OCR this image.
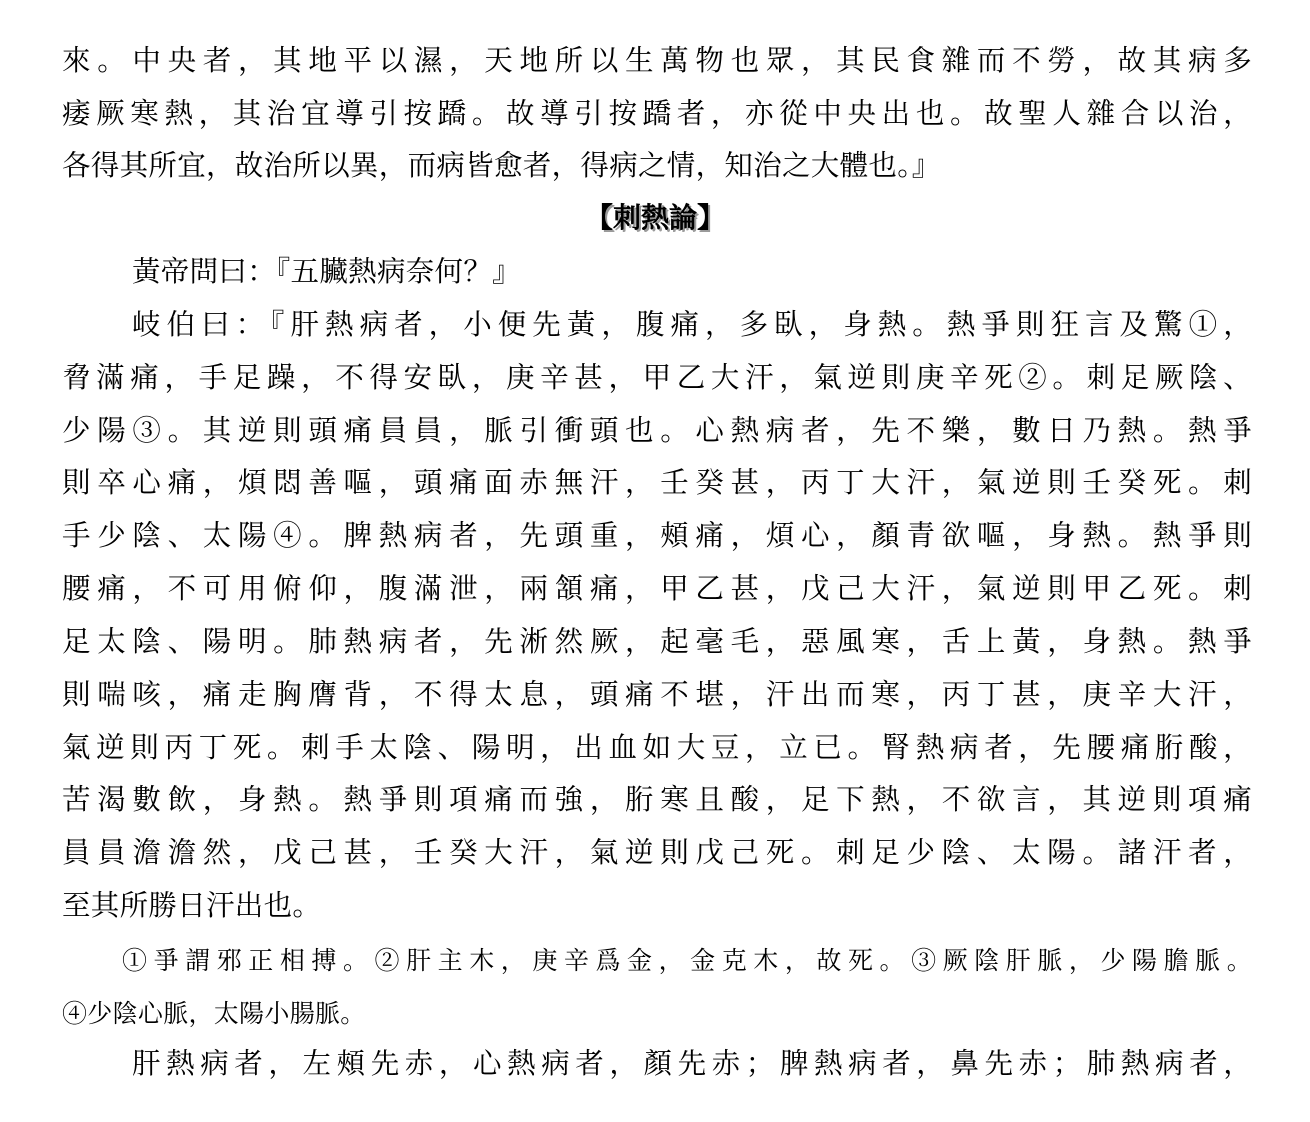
來。中央者，其地平以濕，天地所以生萬物也眾，其民食雜而不勞，故其病多
痿厥寒熱，其治宜導引按蹻。故導引按蹻者，亦從中央出也。故聖人雜合以治，
各得其所宜，故治所以異，而病皆愈者，得病之情，知治之大體也。』
【刺熱論】
黃帝問曰：『五臟熱病奈何？』
岐伯曰：『肝熱病者，小便先黃，腹痛，多臥，身熱。熱爭則狂言及驚①，
脅滿痛，手足躁，不得安臥，庚辛甚，甲乙大汗，氣逆則庚辛死②。刺足厥陰、
少陽③。其逆則頭痛員員，脈引衝頭也。心熱病者，先不樂，數日乃熱。熱爭
則卒心痛，煩悶善嘔，頭痛面赤無汗，壬癸甚，丙丁大汗，氣逆則壬癸死。刺
手少陰、太陽④。脾熱病者，先頭重，頰痛，煩心，顏青欲嘔，身熱。熱爭則
腰痛，不可用俯仰，腹滿泄，兩頷痛，甲乙甚，戊己大汗，氣逆則甲乙死。刺
足太陰、陽明。肺熱病者，先淅然厥，起毫毛，惡風寒，舌上黃，身熱。熱爭
則喘咳，痛走胸膺背，不得太息，頭痛不堪，汗出而寒，丙丁甚，庚辛大汗，
氣逆則丙丁死。刺手太陰、陽明，出血如大豆，立已。腎熱病者，先腰痛胻酸，
苦渴數飲，身熱。熱爭則項痛而強，胻寒且酸，足下熱，不欲言，其逆則項痛
員員澹澹然，戊己甚，壬癸大汗，氣逆則戊己死。刺足少陰、太陽。諸汗者，
至其所勝日汗出也。
①爭謂邪正相搏。②肝主木，庚辛爲金，金克木，故死。③厥陰肝脈，少陽膽脈。
④少陰心脈，太陽小腸脈。
肝熱病者，左頰先赤，心熱病者，顏先赤；脾熱病者，鼻先赤；肺熱病者，
